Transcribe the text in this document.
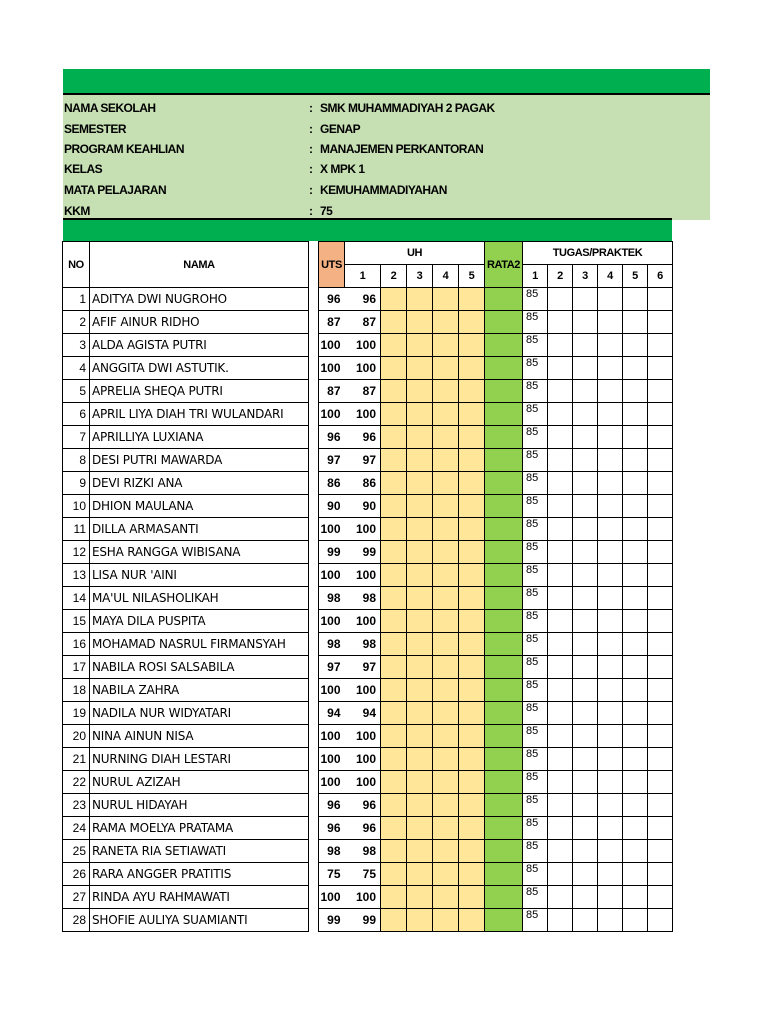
NAMA SEKOLAH	: SMK MUHAMMADIYAH 2 PAGAK
SEMESTER	: GENAP
PROGRAM KEAHLIAN	: MANAJEMEN PERKANTORAN
KELAS	: X MPK 1
MATA PELAJARAN	: KEMUHAMMADIYAHAN
KKM	: 75
NO	NAMA		UTS	UH					RATA2	TUGAS/PRAKTEK					
				1	2	3	4	5		1	2	3	4	5	6
1	ADITYA DWI NUGROHO		96	96						85					
2	AFIF AINUR RIDHO		87	87						85					
3	ALDA AGISTA PUTRI		100	100						85					
4	ANGGITA DWI ASTUTIK.		100	100						85					
5	APRELIA SHEQA PUTRI		87	87						85					
6	APRIL LIYA DIAH TRI WULANDARI		100	100						85					
7	APRILLIYA LUXIANA		96	96						85					
8	DESI PUTRI MAWARDA		97	97						85					
9	DEVI RIZKI ANA		86	86						85					
10	DHION MAULANA		90	90						85					
11	DILLA ARMASANTI		100	100						85					
12	ESHA RANGGA WIBISANA		99	99						85					
13	LISA NUR 'AINI		100	100						85					
14	MA'UL NILASHOLIKAH		98	98						85					
15	MAYA DILA PUSPITA		100	100						85					
16	MOHAMAD NASRUL FIRMANSYAH		98	98						85					
17	NABILA ROSI SALSABILA		97	97						85					
18	NABILA ZAHRA		100	100						85					
19	NADILA NUR WIDYATARI		94	94						85					
20	NINA AINUN NISA		100	100						85					
21	NURNING DIAH LESTARI		100	100						85					
22	NURUL AZIZAH		100	100						85					
23	NURUL HIDAYAH		96	96						85					
24	RAMA MOELYA PRATAMA		96	96						85					
25	RANETA RIA SETIAWATI		98	98						85					
26	RARA ANGGER PRATITIS		75	75						85					
27	RINDA AYU RAHMAWATI		100	100						85					
28	SHOFIE AULIYA SUAMIANTI		99	99						85					
